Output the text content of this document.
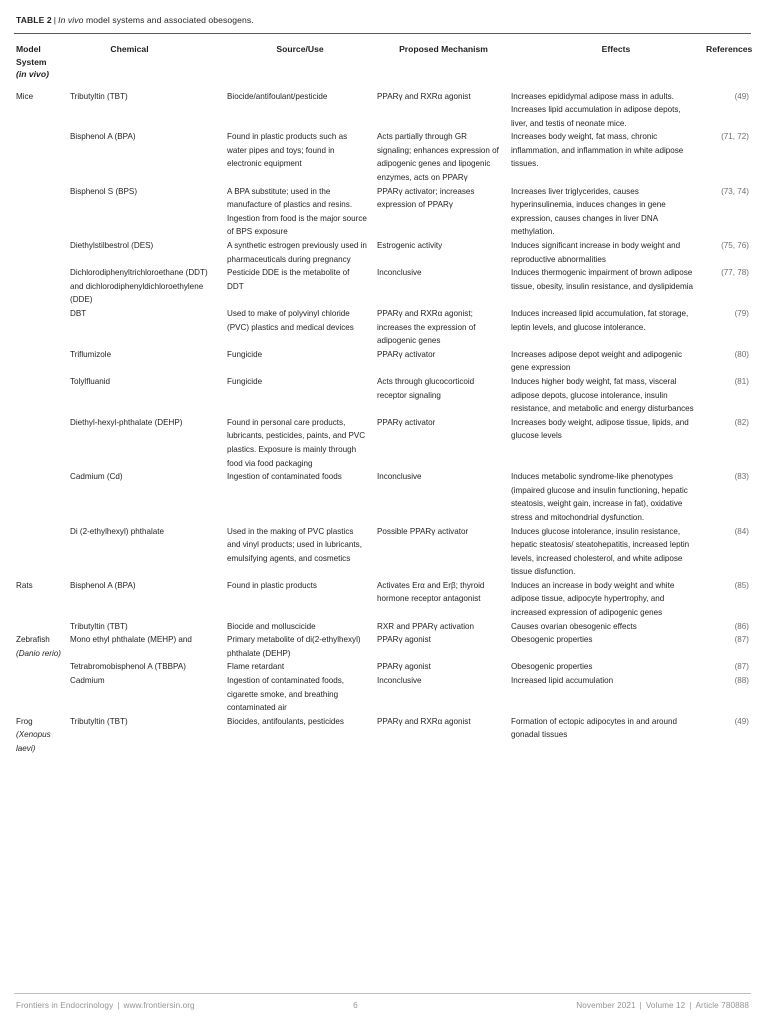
TABLE 2 | In vivo model systems and associated obesogens.
Model
System
(in vivo)	Chemical	Source/Use	Proposed Mechanism	Effects	References
Mice	Tributyltin (TBT)	Biocide/antifoulant/pesticide	PPARγ and RXRα agonist	Increases epididymal adipose mass in adults. Increases lipid accumulation in adipose depots, liver, and testis of neonate mice.	(49)
	Bisphenol A (BPA)	Found in plastic products such as water pipes and toys; found in electronic equipment	Acts partially through GR signaling; enhances expression of adipogenic genes and lipogenic enzymes, acts on PPARγ	Increases body weight, fat mass, chronic inflammation, and inflammation in white adipose tissues.	(71, 72)
	Bisphenol S (BPS)	A BPA substitute; used in the manufacture of plastics and resins. Ingestion from food is the major source of BPS exposure	PPARγ activator; increases expression of PPARγ	Increases liver triglycerides, causes hyperinsulinemia, induces changes in gene expression, causes changes in liver DNA methylation.	(73, 74)
	Diethylstilbestrol (DES)	A synthetic estrogen previously used in pharmaceuticals during pregnancy	Estrogenic activity	Induces significant increase in body weight and reproductive abnormalities	(75, 76)
	Dichlorodiphenyltrichloroethane (DDT) and dichlorodiphenyldichloroethylene (DDE)	Pesticide DDE is the metabolite of DDT	Inconclusive	Induces thermogenic impairment of brown adipose tissue, obesity, insulin resistance, and dyslipidemia	(77, 78)
	DBT	Used to make of polyvinyl chloride (PVC) plastics and medical devices	PPARγ and RXRα agonist; increases the expression of adipogenic genes	Induces increased lipid accumulation, fat storage, leptin levels, and glucose intolerance.	(79)
	Triflumizole	Fungicide	PPARγ activator	Increases adipose depot weight and adipogenic gene expression	(80)
	Tolylfluanid	Fungicide	Acts through glucocorticoid receptor signaling	Induces higher body weight, fat mass, visceral adipose depots, glucose intolerance, insulin resistance, and metabolic and energy disturbances	(81)
	Diethyl-hexyl-phthalate (DEHP)	Found in personal care products, lubricants, pesticides, paints, and PVC plastics. Exposure is mainly through food via food packaging	PPARγ activator	Increases body weight, adipose tissue, lipids, and glucose levels	(82)
	Cadmium (Cd)	Ingestion of contaminated foods	Inconclusive	Induces metabolic syndrome-like phenotypes (impaired glucose and insulin functioning, hepatic steatosis, weight gain, increase in fat), oxidative stress and mitochondrial dysfunction.	(83)
	Di (2-ethylhexyl) phthalate	Used in the making of PVC plastics and vinyl products; used in lubricants, emulsifying agents, and cosmetics	Possible PPARγ activator	Induces glucose intolerance, insulin resistance, hepatic steatosis/ steatohepatitis, increased leptin levels, increased cholesterol, and white adipose tissue disfunction.	(84)
Rats	Bisphenol A (BPA)	Found in plastic products	Activates Erα and Erβ; thyroid hormone receptor antagonist	Induces an increase in body weight and white adipose tissue, adipocyte hypertrophy, and increased expression of adipogenic genes	(85)
	Tributyltin (TBT)	Biocide and molluscicide	RXR and PPARγ activation	Causes ovarian obesogenic effects	(86)
Zebrafish
(Danio rerio)	Mono ethyl phthalate (MEHP) and	Primary metabolite of di(2-ethylhexyl) phthalate (DEHP)	PPARγ agonist	Obesogenic properties	(87)
	Tetrabromobisphenol A (TBBPA)	Flame retardant	PPARγ agonist	Obesogenic properties	(87)
	Cadmium	Ingestion of contaminated foods, cigarette smoke, and breathing contaminated air	Inconclusive	Increased lipid accumulation	(88)
Frog
(Xenopus laevi)	Tributyltin (TBT)	Biocides, antifoulants, pesticides	PPARγ and RXRα agonist	Formation of ectopic adipocytes in and around gonadal tissues	(49)
Frontiers in Endocrinology | www.frontiersin.org	6	November 2021 | Volume 12 | Article 780888
